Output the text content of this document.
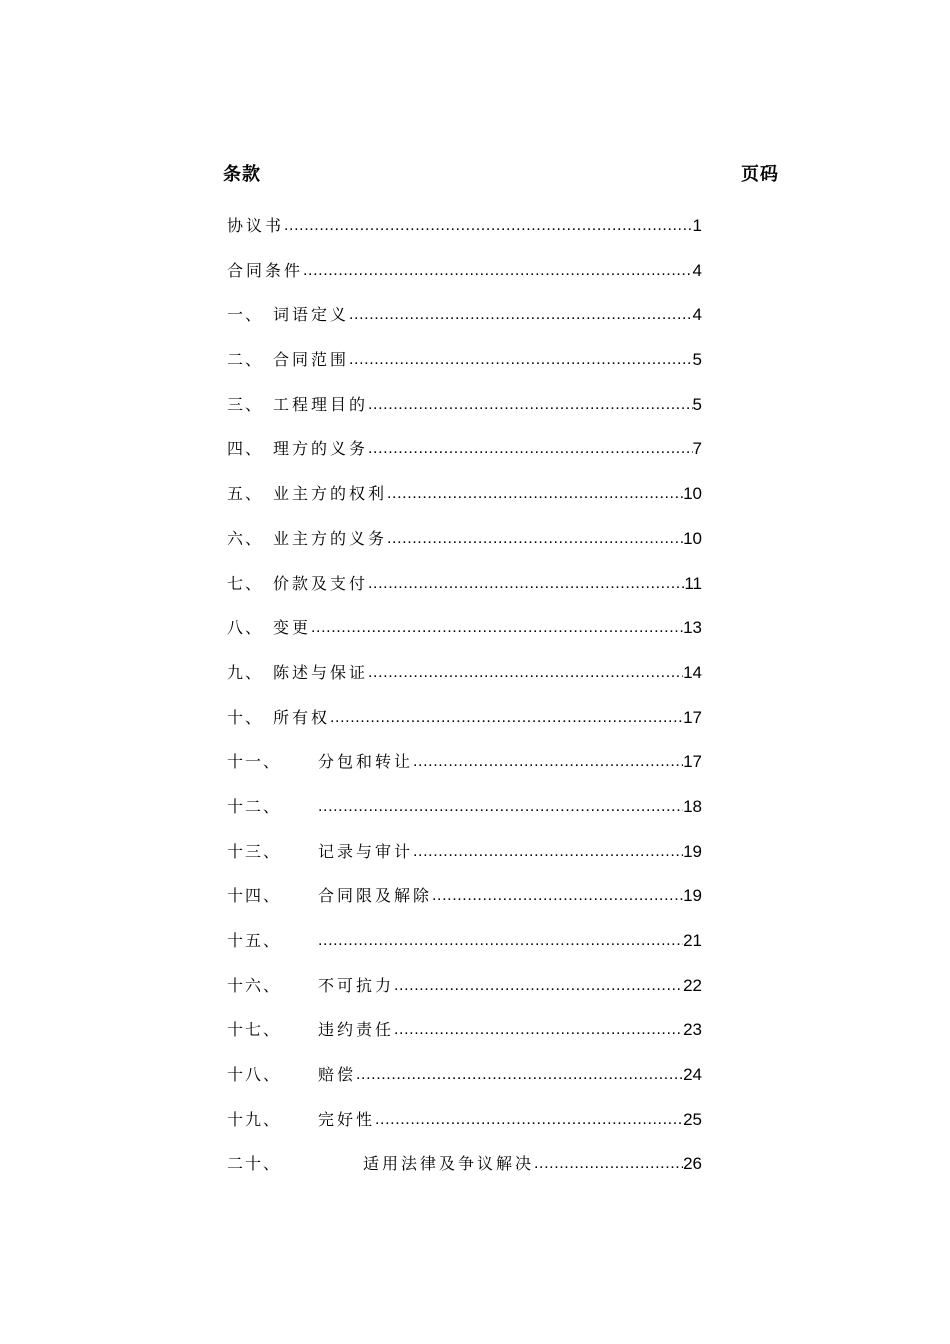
条款	页码
协议书 .....	1
合同条件 .....	4
一、 词语定义 .....	4
二、 合同范围 .....	5
三、 工程理目的 .....	5
四、 理方的义务 .....	7
五、 业主方的权利 .....	10
六、 业主方的义务 .....	10
七、 价款及支付 .....	11
八、 变更 .....	13
九、 陈述与保证 .....	14
十、 所有权 .....	17
十一、	分包和转让 .....	17
十二、 .....	18
十三、	记录与审计 .....	19
十四、	合同限及解除 .....	19
十五、 .....	21
十六、	不可抗力 .....	22
十七、	违约责任 .....	23
十八、	赔偿 .....	24
十九、	完好性 .....	25
二十、	适用法律及争议解决 .....	26
